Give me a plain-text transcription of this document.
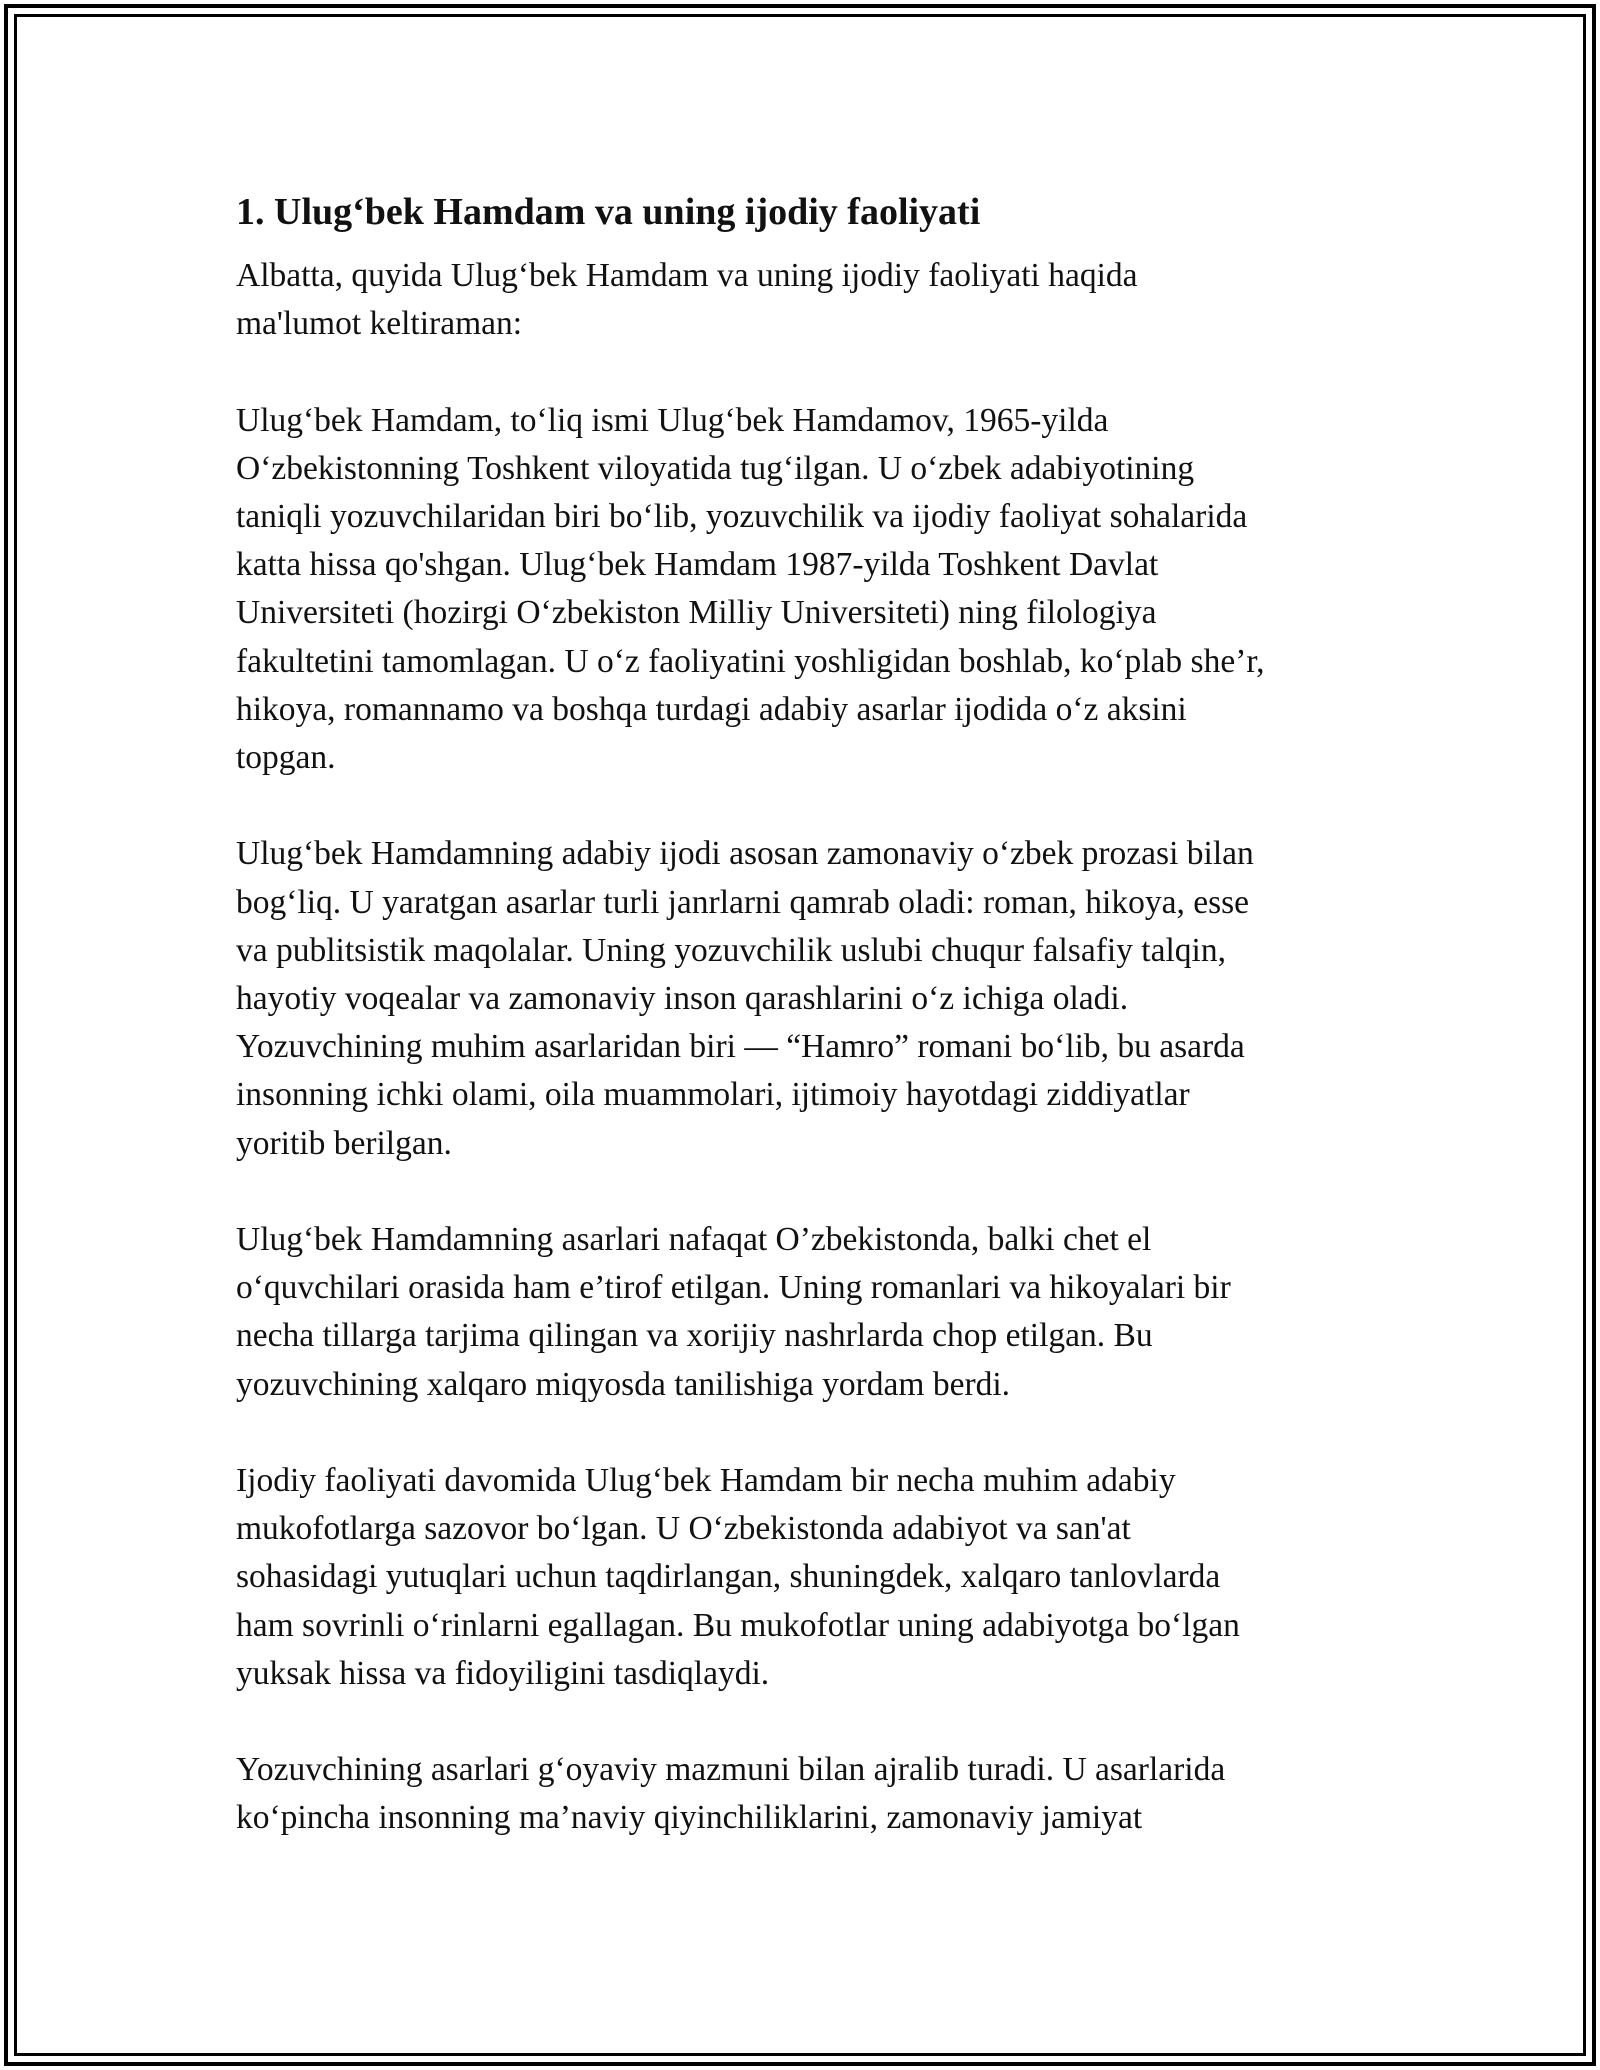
1. Ulug‘bek Hamdam va uning ijodiy faoliyati
Albatta, quyida Ulug‘bek Hamdam va uning ijodiy faoliyati haqida
ma'lumot keltiraman:
Ulug‘bek Hamdam, to‘liq ismi Ulug‘bek Hamdamov, 1965-yilda
O‘zbekistonning Toshkent viloyatida tug‘ilgan. U o‘zbek adabiyotining
taniqli yozuvchilaridan biri bo‘lib, yozuvchilik va ijodiy faoliyat sohalarida
katta hissa qo'shgan. Ulug‘bek Hamdam 1987-yilda Toshkent Davlat
Universiteti (hozirgi O‘zbekiston Milliy Universiteti) ning filologiya
fakultetini tamomlagan. U o‘z faoliyatini yoshligidan boshlab, ko‘plab she’r,
hikoya, romannamo va boshqa turdagi adabiy asarlar ijodida o‘z aksini
topgan.
Ulug‘bek Hamdamning adabiy ijodi asosan zamonaviy o‘zbek prozasi bilan
bog‘liq. U yaratgan asarlar turli janrlarni qamrab oladi: roman, hikoya, esse
va publitsistik maqolalar. Uning yozuvchilik uslubi chuqur falsafiy talqin,
hayotiy voqealar va zamonaviy inson qarashlarini o‘z ichiga oladi.
Yozuvchining muhim asarlaridan biri — “Hamro” romani bo‘lib, bu asarda
insonning ichki olami, oila muammolari, ijtimoiy hayotdagi ziddiyatlar
yoritib berilgan.
Ulug‘bek Hamdamning asarlari nafaqat O’zbekistonda, balki chet el
o‘quvchilari orasida ham e’tirof etilgan. Uning romanlari va hikoyalari bir
necha tillarga tarjima qilingan va xorijiy nashrlarda chop etilgan. Bu
yozuvchining xalqaro miqyosda tanilishiga yordam berdi.
Ijodiy faoliyati davomida Ulug‘bek Hamdam bir necha muhim adabiy
mukofotlarga sazovor bo‘lgan. U O‘zbekistonda adabiyot va san'at
sohasidagi yutuqlari uchun taqdirlangan, shuningdek, xalqaro tanlovlarda
ham sovrinli o‘rinlarni egallagan. Bu mukofotlar uning adabiyotga bo‘lgan
yuksak hissa va fidoyiligini tasdiqlaydi.
Yozuvchining asarlari g‘oyaviy mazmuni bilan ajralib turadi. U asarlarida
ko‘pincha insonning ma’naviy qiyinchiliklarini, zamonaviy jamiyat
